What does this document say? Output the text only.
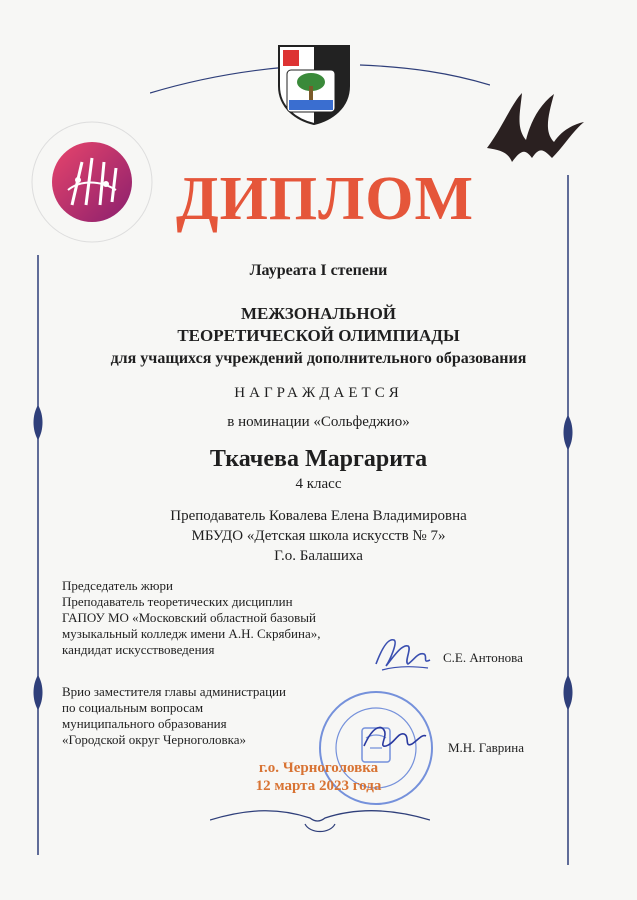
ДИПЛОМ
Лауреата I степени
МЕЖЗОНАЛЬНОЙ
ТЕОРЕТИЧЕСКОЙ ОЛИМПИАДЫ
для учащихся учреждений дополнительного образования
НАГРАЖДАЕТСЯ
в номинации «Сольфеджио»
Ткачева Маргарита
4 класс
Преподаватель Ковалева Елена Владимировна
МБУДО «Детская школа искусств № 7»
Г.о. Балашиха
Председатель жюри
Преподаватель теоретических дисциплин
ГАПОУ МО «Московский областной базовый
музыкальный колледж имени А.Н. Скрябина»,
кандидат искусствоведения
С.Е. Антонова
Врио заместителя главы администрации
по социальным вопросам
муниципального образования
«Городской округ Черноголовка»
М.Н. Гаврина
г.о. Черноголовка
12 марта 2023 года
